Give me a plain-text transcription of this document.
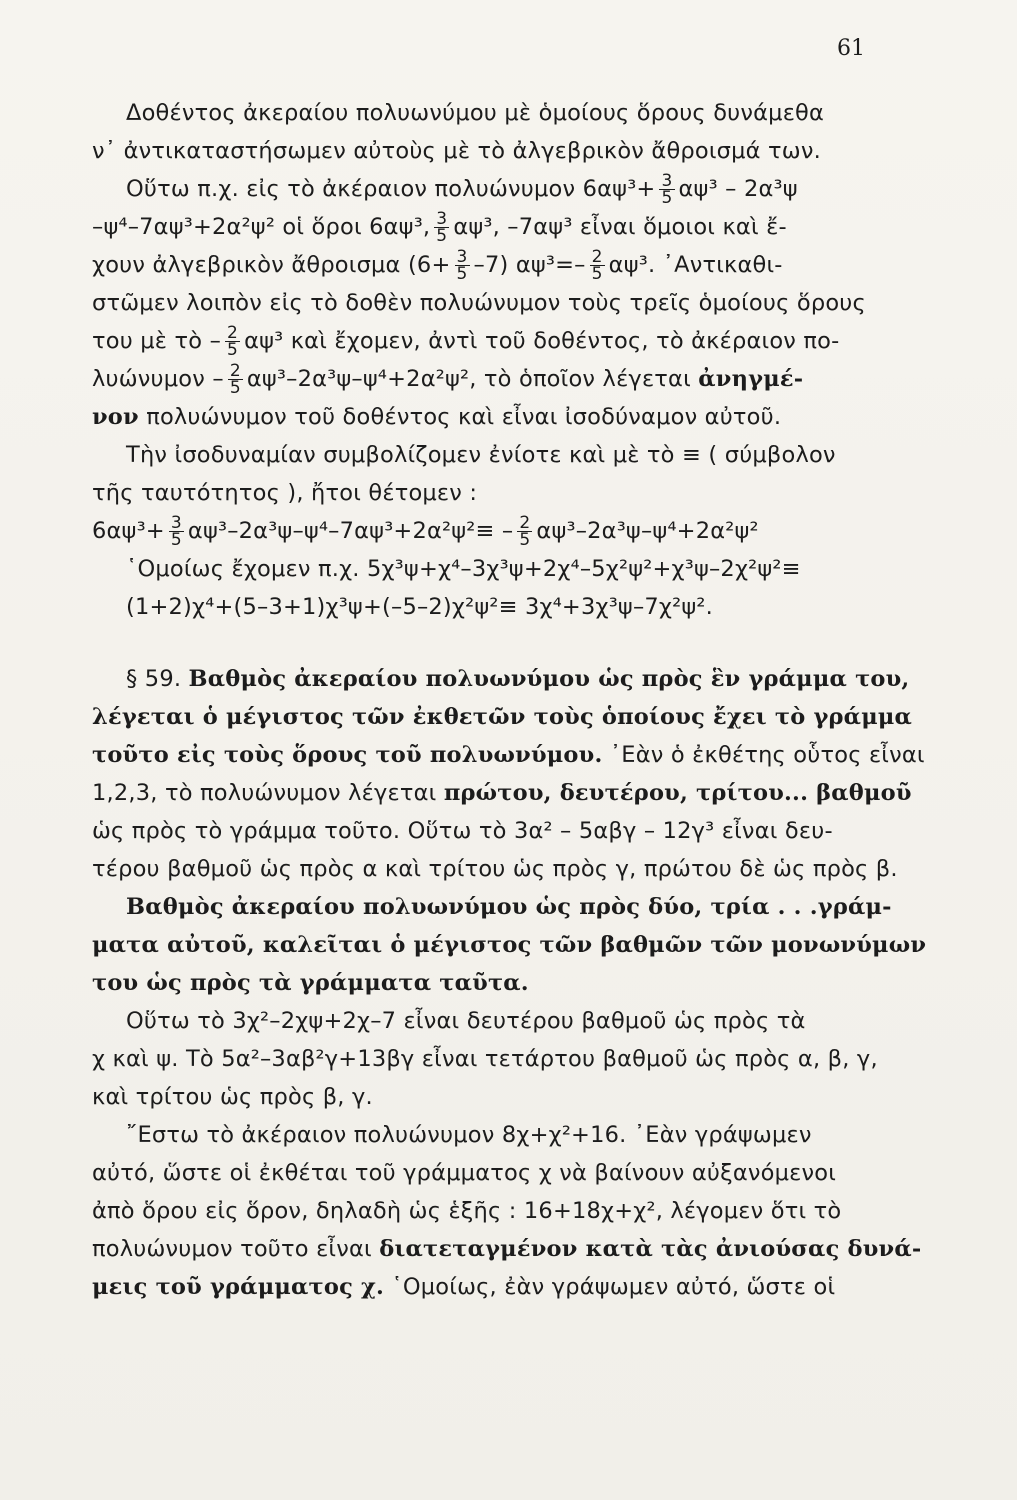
61

Δοθέντος ἀκεραίου πολυωνύμου μὲ ὁμοίους ὅρους δυνάμεθα
ν᾿ ἀντικαταστήσωμεν αὐτοὺς μὲ τὸ ἀλγεβρικὸν ἄθροισμά των.

Οὕτω π.χ. εἰς τὸ ἀκέραιον πολυώνυμον $6\alpha\psi^3+ \frac{3}{5} \alpha\psi^3 - 2\alpha^3\psi$
–ψ⁴–7αψ³+2α²ψ² οἱ ὅροι 6αψ³, $\frac{3}{5} \alpha\psi^3$, –7αψ³ εἶναι ὅμοιοι καὶ ἔ-
χουν ἀλγεβρικὸν ἄθροισμα $(6+ \frac{3}{5} -7)$ $\alpha\psi^3=- \frac{2}{5} \alpha\psi^3$. ᾿Αντικαθι-
στῶμεν λοιπὸν εἰς τὸ δοθὲν πολυώνυμον τοὺς τρεῖς ὁμοίους ὅρους
του μὲ τὸ – $\frac{2}{5} \alpha\psi^3$ καὶ ἔχομεν, ἀντὶ τοῦ δοθέντος, τὸ ἀκέραιον πο-
$\lambda\upsilon ώ\nu\upsilon\mu o\nu - \frac{2}{5} \alpha\psi^3-2\alpha^3\psi-\psi^4+2\alpha^2\psi^2$, τὸ ὁποῖον λέγεται ἀνηγμέ-
νον πολυώνυμον τοῦ δοθέντος καὶ εἶναι ἰσοδύναμον αὐτοῦ.

Τὴν ἰσοδυναμίαν συμβολίζομεν ἐνίοτε καὶ μὲ τὸ ≡ ( σύμβολον
τῆς ταυτότητος ), ἤτοι θέτομεν :

$6\alpha\psi^3+ \frac{3}{5} \alpha\psi^3-2\alpha^3\psi-\psi^4-7\alpha\psi^3+2\alpha^2\psi^2\equiv - \frac{2}{5} \alpha\psi^3-2\alpha^3\psi-\psi^4+2\alpha^2\psi^2$
῾Ομοίως ἔχομεν π.χ. 5χ³ψ+χ⁴–3χ³ψ+2χ⁴–5χ²ψ²+χ³ψ–2χ²ψ²≡
(1+2)χ⁴+(5–3+1)χ³ψ+(–5–2)χ²ψ²≡ 3χ⁴+3χ³ψ–7χ²ψ².

§ 59. Βαθμὸς ἀκεραίου πολυωνύμου ὡς πρὸς ἓν γράμμα του,
λέγεται ὁ μέγιστος τῶν ἐκθετῶν τοὺς ὁποίους ἔχει τὸ γράμμα
τοῦτο εἰς τοὺς ὅρους τοῦ πολυωνύμου. ᾿Εὰν ὁ ἐκθέτης οὗτος εἶναι
1,2,3, τὸ πολυώνυμον λέγεται πρώτου, δευτέρου, τρίτου... βαθμοῦ
ὡς πρὸς τὸ γράμμα τοῦτο. Οὕτω τὸ 3α² – 5αβγ – 12γ³ εἶναι δευ-
τέρου βαθμοῦ ὡς πρὸς α καὶ τρίτου ὡς πρὸς γ, πρώτου δὲ ὡς πρὸς β.

Βαθμὸς ἀκεραίου πολυωνύμου ὡς πρὸς δύο, τρία . . .γράμ-
ματα αὐτοῦ, καλεῖται ὁ μέγιστος τῶν βαθμῶν τῶν μονωνύμων
του ὡς πρὸς τὰ γράμματα ταῦτα.

Οὕτω τὸ 3χ²–2χψ+2χ–7 εἶναι δευτέρου βαθμοῦ ὡς πρὸς τὰ
χ καὶ ψ. Τὸ 5α²–3αβ²γ+13βγ εἶναι τετάρτου βαθμοῦ ὡς πρὸς α, β, γ,
καὶ τρίτου ὡς πρὸς β, γ.

῎Εστω τὸ ἀκέραιον πολυώνυμον 8χ+χ²+16. ᾿Εὰν γράψωμεν
αὐτό, ὥστε οἱ ἐκθέται τοῦ γράμματος χ νὰ βαίνουν αὐξανόμενοι
ἀπὸ ὅρου εἰς ὅρον, δηλαδὴ ὡς ἑξῆς : 16+18χ+χ², λέγομεν ὅτι τὸ
πολυώνυμον τοῦτο εἶναι διατεταγμένον κατὰ τὰς ἀνιούσας δυνά-
μεις τοῦ γράμματος χ. ῾Ομοίως, ἐὰν γράψωμεν αὐτό, ὥστε οἱ
